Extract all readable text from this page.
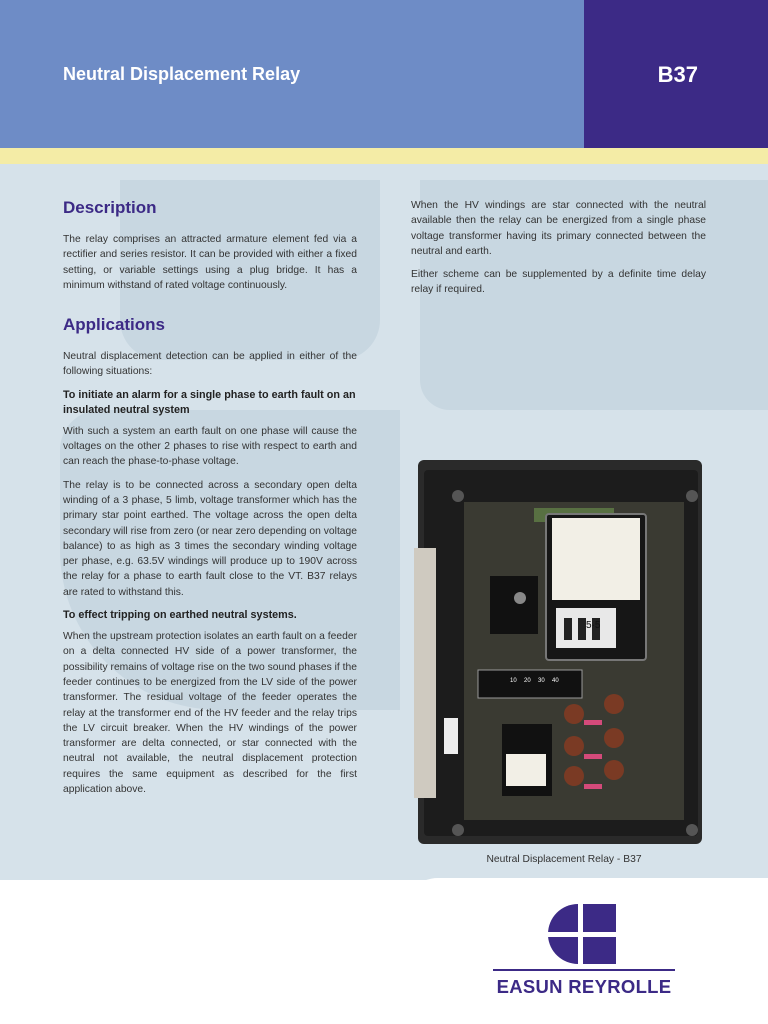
Neutral Displacement Relay	B37
Description

The relay comprises an attracted armature element fed via a rectifier and series resistor. It can be provided with either a fixed setting, or variable settings using a plug bridge. It has a minimum withstand of rated voltage continuously.

Applications

Neutral displacement detection can be applied in either of the following situations:

To initiate an alarm for a single phase to earth fault on an insulated neutral system

With such a system an earth fault on one phase will cause the voltages on the other 2 phases to rise with respect to earth and can reach the phase-to-phase voltage.

The relay is to be connected across a secondary open delta winding of a 3 phase, 5 limb, voltage transformer which has the primary star point earthed. The voltage across the open delta secondary will rise from zero (or near zero depending on voltage balance) to as high as 3 times the secondary winding voltage per phase, e.g. 63.5V windings will produce up to 190V across the relay for a phase to earth fault close to the VT. B37 relays are rated to withstand this.

To effect tripping on earthed neutral systems.

When the upstream protection isolates an earth fault on a feeder on a delta connected HV side of a power transformer, the possibility remains of voltage rise on the two sound phases if the feeder continues to be energized from the LV side of the power transformer. The residual voltage of the feeder operates the relay at the transformer end of the HV feeder and the relay trips the LV circuit breaker. When the HV windings of the power transformer are delta connected, or star connected with the neutral not available, the neutral displacement protection requires the same equipment as described for the first application above.

When the HV windings are star connected with the neutral available then the relay can be energized from a single phase voltage transformer having its primary connected between the neutral and earth.

Either scheme can be supplemented by a definite time delay relay if required.

5·5
10 20 30 40
Neutral Displacement Relay - B37
EASUN REYROLLE
